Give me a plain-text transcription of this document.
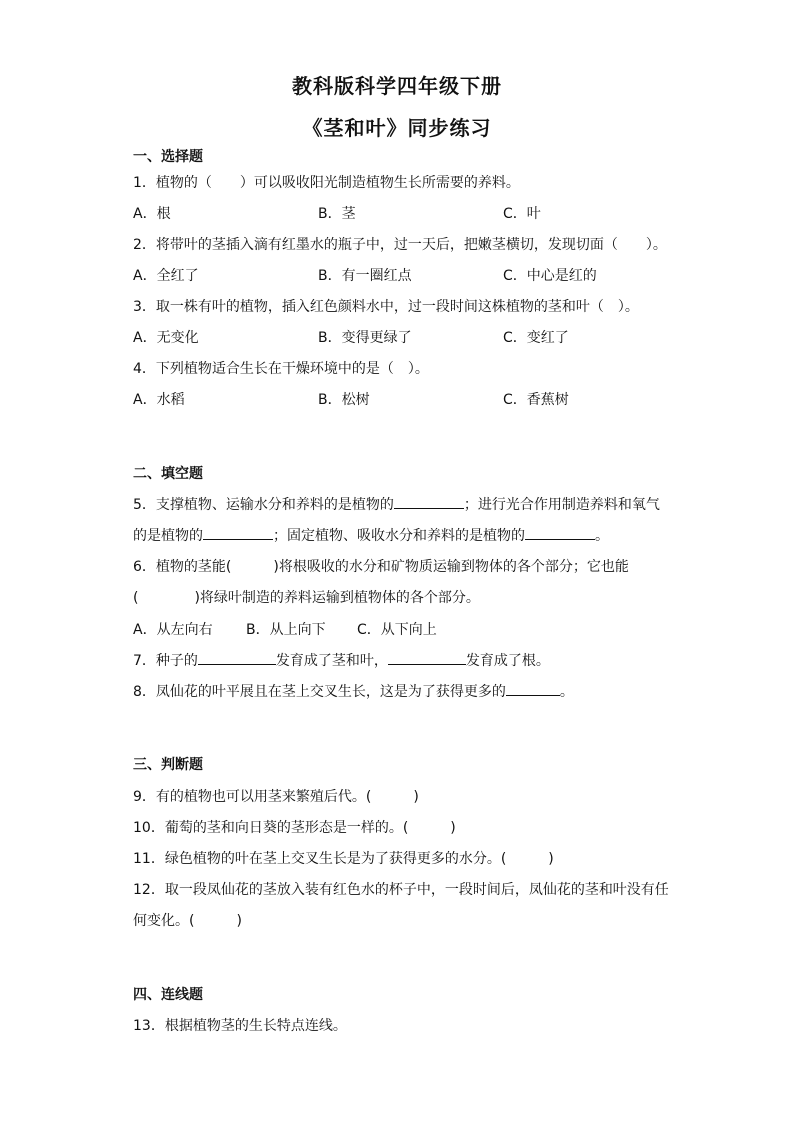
教科版科学四年级下册
《茎和叶》同步练习
一、选择题
1．植物的（　　）可以吸收阳光制造植物生长所需要的养料。
A．根	B．茎	C．叶
2．将带叶的茎插入滴有红墨水的瓶子中，过一天后，把嫩茎横切，发现切面（　　）。
A．全红了	B．有一圈红点	C．中心是红的
3．取一株有叶的植物，插入红色颜料水中，过一段时间这株植物的茎和叶（　）。
A．无变化	B．变得更绿了	C．变红了
4．下列植物适合生长在干燥环境中的是（　）。
A．水稻	B．松树	C．香蕉树
二、填空题
5．支撑植物、运输水分和养料的是植物的	；进行光合作用制造养料和氧气
的是植物的	；固定植物、吸收水分和养料的是植物的	。
6．植物的茎能(　　　)将根吸收的水分和矿物质运输到物体的各个部分；它也能
(　　　　)将绿叶制造的养料运输到植物体的各个部分。
A．从左向右 B．从上向下 C．从下向上
7．种子的	发育成了茎和叶，	发育成了根。
8．凤仙花的叶平展且在茎上交叉生长，这是为了获得更多的	。
三、判断题
9．有的植物也可以用茎来繁殖后代。(　　　)
10．葡萄的茎和向日葵的茎形态是一样的。(　　　)
11．绿色植物的叶在茎上交叉生长是为了获得更多的水分。(　　　)
12．取一段凤仙花的茎放入装有红色水的杯子中，一段时间后，凤仙花的茎和叶没有任
何变化。(　　　)
四、连线题
13．根据植物茎的生长特点连线。
